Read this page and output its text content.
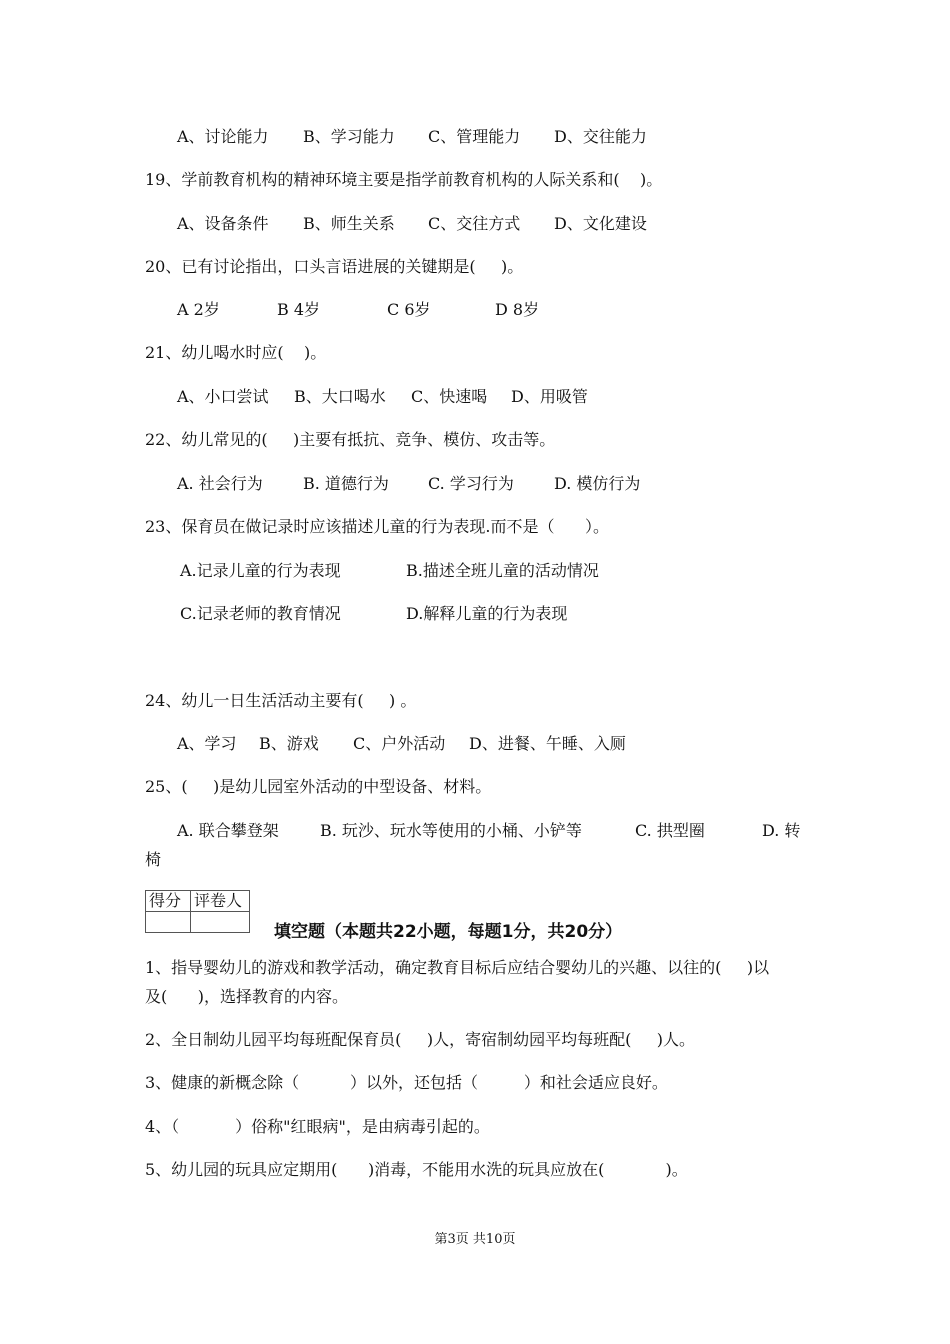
A、讨论能力	B、学习能力	C、管理能力	D、交往能力
19、学前教育机构的精神环境主要是指学前教育机构的人际关系和(    )。
A、设备条件	B、师生关系	C、交往方式	D、文化建设
20、已有讨论指出，口头言语进展的关键期是(     )。
A 2岁	B 4岁	C 6岁	D 8岁
21、幼儿喝水时应(    )。
A、小口尝试	B、大口喝水	C、快速喝	D、用吸管
22、幼儿常见的(     )主要有抵抗、竞争、模仿、攻击等。
A. 社会行为	B. 道德行为	C. 学习行为	D. 模仿行为
23、保育员在做记录时应该描述儿童的行为表现.而不是（      ）。
A.记录儿童的行为表现	B.描述全班儿童的活动情况
C.记录老师的教育情况	D.解释儿童的行为表现
24、幼儿一日生活活动主要有(     ) 。
A、学习	B、游戏	C、户外活动	D、进餐、午睡、入厕
25、(     )是幼儿园室外活动的中型设备、材料。
A. 联合攀登架	B. 玩沙、玩水等使用的小桶、小铲等	C. 拱型圈	D. 转
椅
得分	评卷人

填空题（本题共22小题，每题1分，共20分）
1、指导婴幼儿的游戏和教学活动，确定教育目标后应结合婴幼儿的兴趣、以往的(     )以
及(      )，选择教育的内容。
2、全日制幼儿园平均每班配保育员(     )人，寄宿制幼园平均每班配(     )人。
3、健康的新概念除（          ）以外，还包括（         ）和社会适应良好。
4、（           ）俗称"红眼病"，是由病毒引起的。
5、幼儿园的玩具应定期用(      )消毒，不能用水洗的玩具应放在(            )。
第3页 共10页
